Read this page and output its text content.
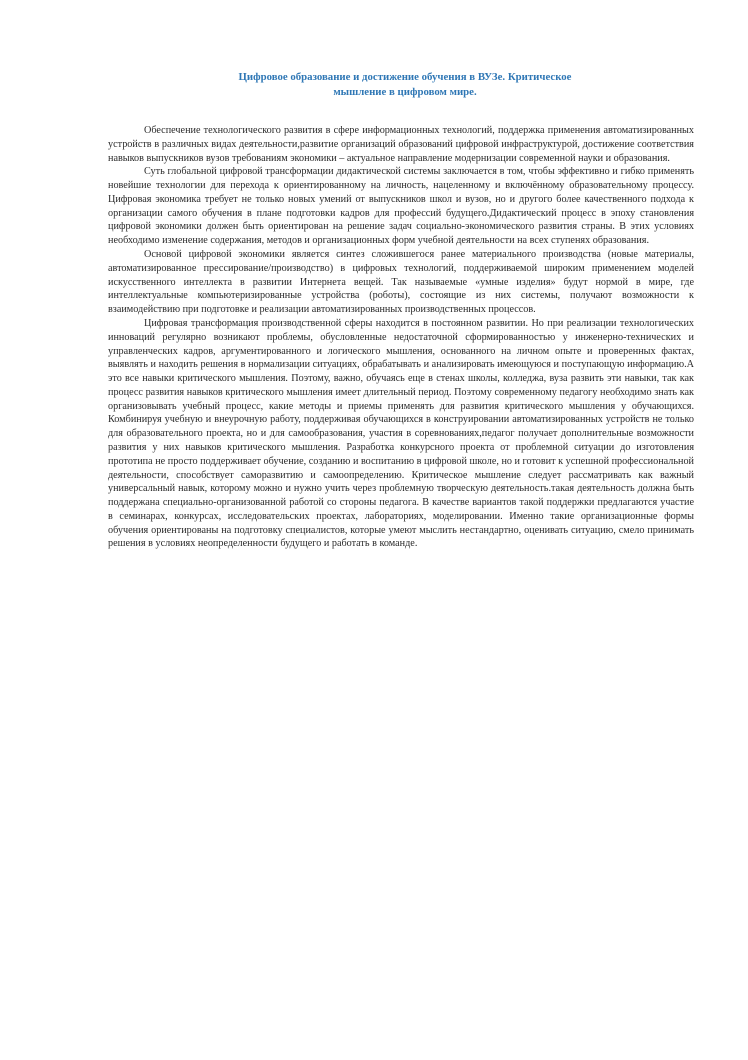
Цифровое образование и достижение обучения в ВУЗе. Критическое
мышление в цифровом мире.

Обеспечение технологического развития в сфере информационных технологий, поддержка применения автоматизированных устройств в различных видах деятельности,развитие организаций образований цифровой инфраструктурой, достижение соответствия навыков выпускников вузов требованиям экономики – актуальное направление модернизации современной науки и образования.

Суть глобальной цифровой трансформации дидактической системы заключается в том, чтобы эффективно и гибко применять новейшие технологии для перехода к ориентированному на личность, нацеленному и включённому образовательному процессу. Цифровая экономика требует не только новых умений от выпускников школ и вузов, но и другого более качественного подхода к организации самого обучения в плане подготовки кадров для профессий будущего.Дидактический процесс в эпоху становления цифровой экономики должен быть ориентирован на решение задач социально-экономического развития страны. В этих условиях необходимо изменение содержания, методов и организационных форм учебной деятельности на всех ступенях образования.

Основой цифровой экономики является синтез сложившегося ранее материального производства (новые материалы, автоматизированное прессирование/производство) в цифровых технологий, поддерживаемой широким применением моделей искусственного интеллекта в развитии Интернета вещей. Так называемые «умные изделия» будут нормой в мире, где интеллектуальные компьютеризированные устройства (роботы), состоящие из них системы, получают возможности к взаимодействию при подготовке и реализации автоматизированных производственных процессов.

Цифровая трансформация производственной сферы находится в постоянном развитии. Но при реализации технологических инноваций регулярно возникают проблемы, обусловленные недостаточной сформированностью у инженерно-технических и управленческих кадров, аргументированного и логического мышления, основанного на личном опыте и проверенных фактах, выявлять и находить решения в нормализации ситуациях, обрабатывать и анализировать имеющуюся и поступающую информацию.А это все навыки критического мышления. Поэтому, важно, обучаясь еще в стенах школы, колледжа, вуза развить эти навыки, так как процесс развития навыков критического мышления имеет длительный период. Поэтому современному педагогу необходимо знать как организовывать учебный процесс, какие методы и приемы применять для развития критического мышления у обучающихся. Комбинируя учебную и внеурочную работу, поддерживая обучающихся в конструировании автоматизированных устройств не только для образовательного проекта, но и для самообразования, участия в соревнованиях,педагог получает дополнительные возможности развития у них навыков критического мышления. Разработка конкурсного проекта от проблемной ситуации до изготовления прототипа не просто поддерживает обучение, созданию и воспитанию в цифровой школе, но и готовит к успешной профессиональной деятельности, способствует саморазвитию и самоопределению. Критическое мышление следует рассматривать как важный универсальный навык, которому можно и нужно учить через проблемную творческую деятельность.такая деятельность должна быть поддержана специально-организованной работой со стороны педагога. В качестве вариантов такой поддержки предлагаются участие в семинарах, конкурсах, исследовательских проектах, лабораториях, моделировании. Именно такие организационные формы обучения ориентированы на подготовку специалистов, которые умеют мыслить нестандартно, оценивать ситуацию, смело принимать решения в условиях неопределенности будущего и работать в команде.
